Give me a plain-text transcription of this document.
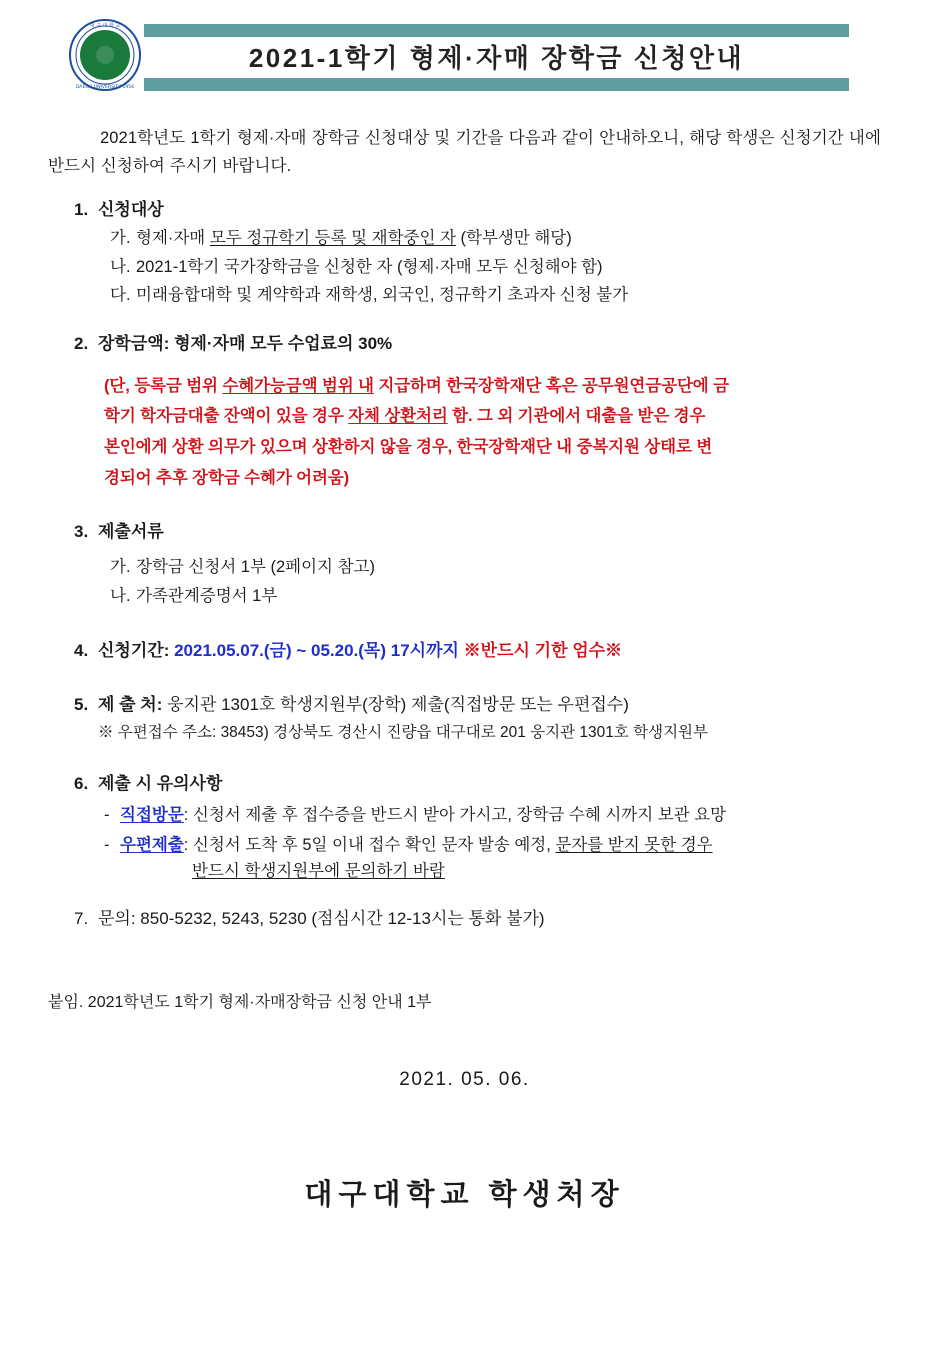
2021-1학기 형제·자매 장학금 신청안내
대 구 대 학 교
DAEGU UNIVERSITY 1956

2021학년도 1학기 형제·자매 장학금 신청대상 및 기간을 다음과 같이 안내하오니, 해당 학생은 신청기간 내에 반드시 신청하여 주시기 바랍니다.

1. 신청대상
가. 형제·자매 모두 정규학기 등록 및 재학중인 자 (학부생만 해당)
나. 2021-1학기 국가장학금을 신청한 자 (형제·자매 모두 신청해야 함)
다. 미래융합대학 및 계약학과 재학생, 외국인, 정규학기 초과자 신청 불가
2. 장학금액: 형제·자매 모두 수업료의 30%
(단, 등록금 범위 수혜가능금액 범위 내 지급하며 한국장학재단 혹은 공무원연금공단에 금
학기 학자금대출 잔액이 있을 경우 자체 상환처리 함. 그 외 기관에서 대출을 받은 경우
본인에게 상환 의무가 있으며 상환하지 않을 경우, 한국장학재단 내 중복지원 상태로 변
경되어 추후 장학금 수혜가 어려움)
3. 제출서류
가. 장학금 신청서 1부 (2페이지 참고)
나. 가족관계증명서 1부
4. 신청기간: 2021.05.07.(금) ~ 05.20.(목) 17시까지 ※반드시 기한 엄수※
5. 제 출 처: 웅지관 1301호 학생지원부(장학) 제출(직접방문 또는 우편접수)
※ 우편접수 주소: 38453) 경상북도 경산시 진량읍 대구대로 201 웅지관 1301호 학생지원부
6. 제출 시 유의사항
- 직접방문: 신청서 제출 후 접수증을 반드시 받아 가시고, 장학금 수혜 시까지 보관 요망
- 우편제출: 신청서 도착 후 5일 이내 접수 확인 문자 발송 예정, 문자를 받지 못한 경우
반드시 학생지원부에 문의하기 바람
7. 문의: 850-5232, 5243, 5230 (점심시간 12-13시는 통화 불가)
붙임. 2021학년도 1학기 형제·자매장학금 신청 안내 1부
2021. 05. 06.
대구대학교 학생처장
